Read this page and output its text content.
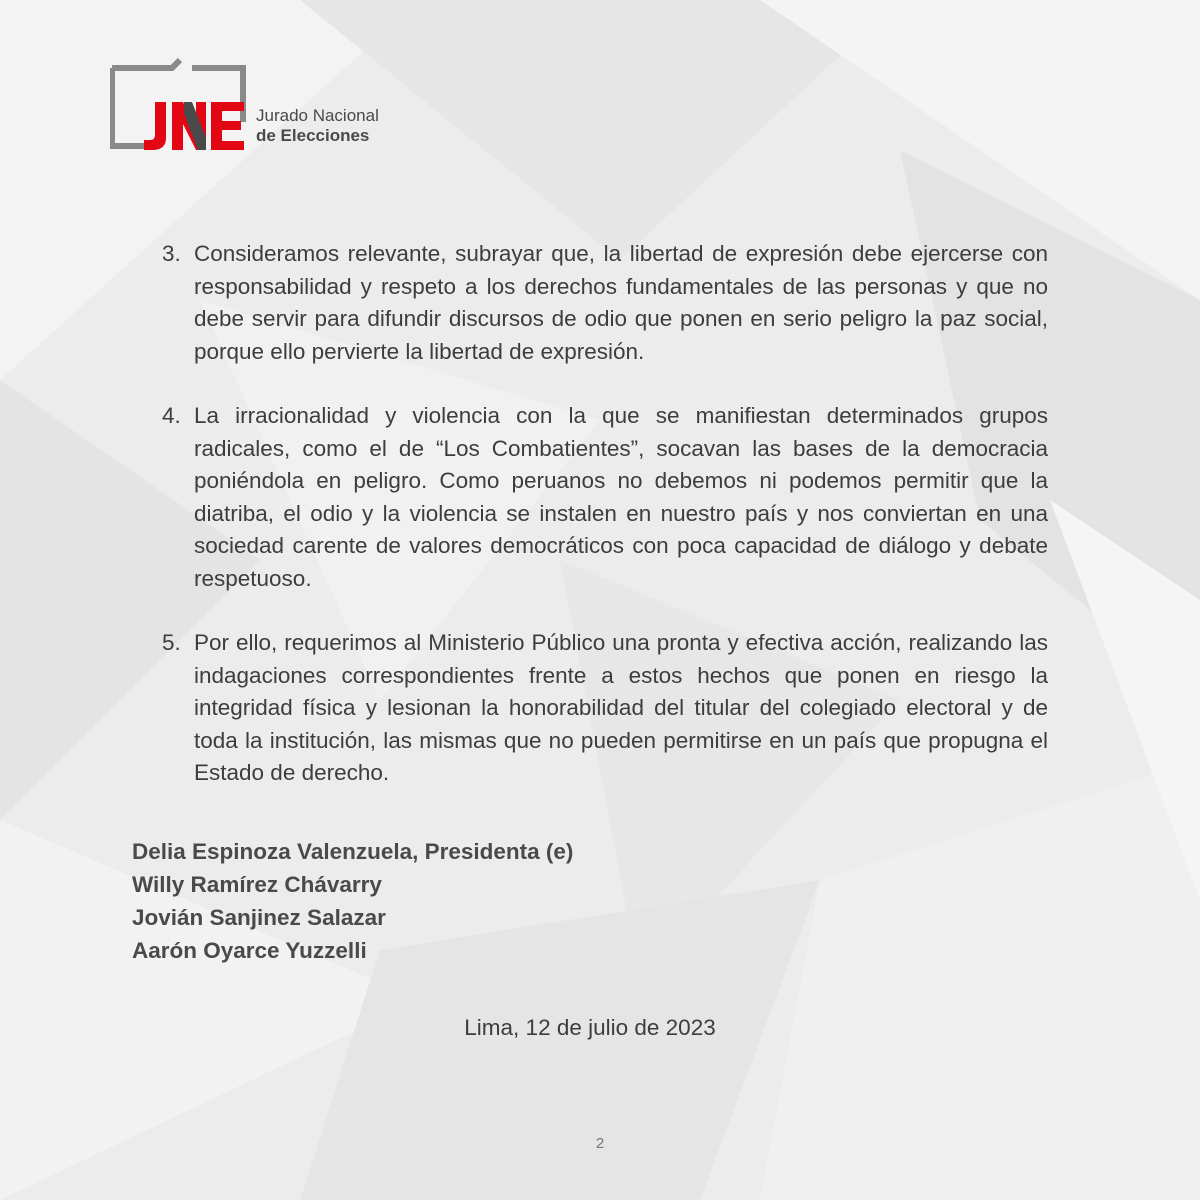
Jurado Nacional
de Elecciones
3. Consideramos relevante, subrayar que, la libertad de expresión debe ejercerse con responsabilidad y respeto a los derechos fundamentales de las personas y que no debe servir para difundir discursos de odio que ponen en serio peligro la paz social, porque ello pervierte la libertad de expresión.
4. La irracionalidad y violencia con la que se manifiestan determinados grupos radicales, como el de “Los Combatientes”, socavan las bases de la democracia poniéndola en peligro. Como peruanos no debemos ni podemos permitir que la diatriba, el odio y la violencia se instalen en nuestro país y nos conviertan en una sociedad carente de valores democráticos con poca capacidad de diálogo y debate respetuoso.
5. Por ello, requerimos al Ministerio Público una pronta y efectiva acción, realizando las indagaciones correspondientes frente a estos hechos que ponen en riesgo la integridad física y lesionan la honorabilidad del titular del colegiado electoral y de toda la institución, las mismas que no pueden permitirse en un país que propugna el Estado de derecho.
Delia Espinoza Valenzuela, Presidenta (e)
Willy Ramírez Chávarry
Jovián Sanjinez Salazar
Aarón Oyarce Yuzzelli
Lima, 12 de julio de 2023
2
